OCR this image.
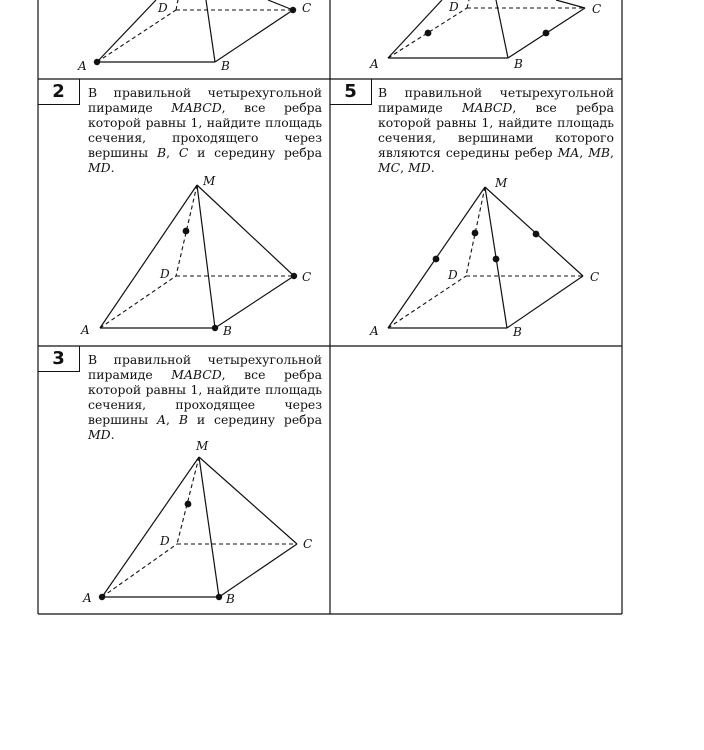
A	B
C
D
A	B
C
D
2	В правильной четырехугольной пирамиде MABCD, все ребра которой равны 1, найдите площадь сечения, проходящего через вершины B, C и середину ребра MD.
M
A	B
C
D
5	В правильной четырехугольной пирамиде MABCD, все ребра которой равны 1, найдите площадь сечения, вершинами которого являются середины ребер MA, MB, MC, MD.
M
A	B
C
D
3	В правильной четырехугольной пирамиде MABCD, все ребра которой равны 1, найдите площадь сечения, проходящее через вершины A, B и середину ребра MD.
M
A	B
C
D
